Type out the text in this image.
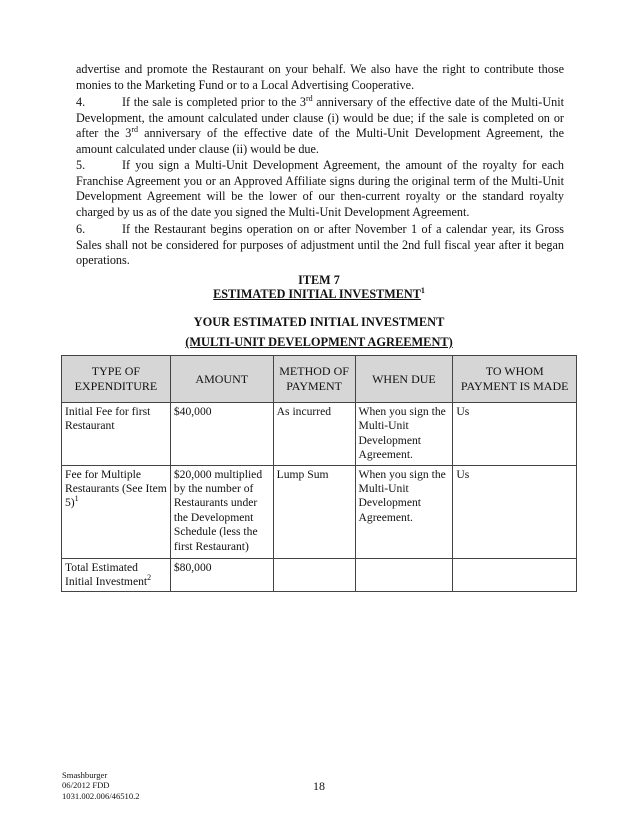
advertise and promote the Restaurant on your behalf. We also have the right to contribute those monies to the Marketing Fund or to a Local Advertising Cooperative.

4.	If the sale is completed prior to the 3rd anniversary of the effective date of the Multi-Unit Development, the amount calculated under clause (i) would be due; if the sale is completed on or after the 3rd anniversary of the effective date of the Multi-Unit Development Agreement, the amount calculated under clause (ii) would be due.

5.	If you sign a Multi-Unit Development Agreement, the amount of the royalty for each Franchise Agreement you or an Approved Affiliate signs during the original term of the Multi-Unit Development Agreement will be the lower of our then-current royalty or the standard royalty charged by us as of the date you signed the Multi-Unit Development Agreement.

6.	If the Restaurant begins operation on or after November 1 of a calendar year, its Gross Sales shall not be considered for purposes of adjustment until the 2nd full fiscal year after it began operations.

ITEM 7
ESTIMATED INITIAL INVESTMENT$^1$
YOUR ESTIMATED INITIAL INVESTMENT
(MULTI-UNIT DEVELOPMENT AGREEMENT)
TYPE OF EXPENDITURE	AMOUNT	METHOD OF PAYMENT	WHEN DUE	TO WHOM PAYMENT IS MADE
Initial Fee for first Restaurant	$40,000	As incurred	When you sign the Multi-Unit Development Agreement.	Us
Fee for Multiple Restaurants (See Item 5)$^1$	$20,000 multiplied by the number of Restaurants under the Development Schedule (less the first Restaurant)	Lump Sum	When you sign the Multi-Unit Development Agreement.	Us
Total Estimated Initial Investment$^2$	$80,000			
Smashburger
06/2012 FDD
1031.002.006/46510.2
18
